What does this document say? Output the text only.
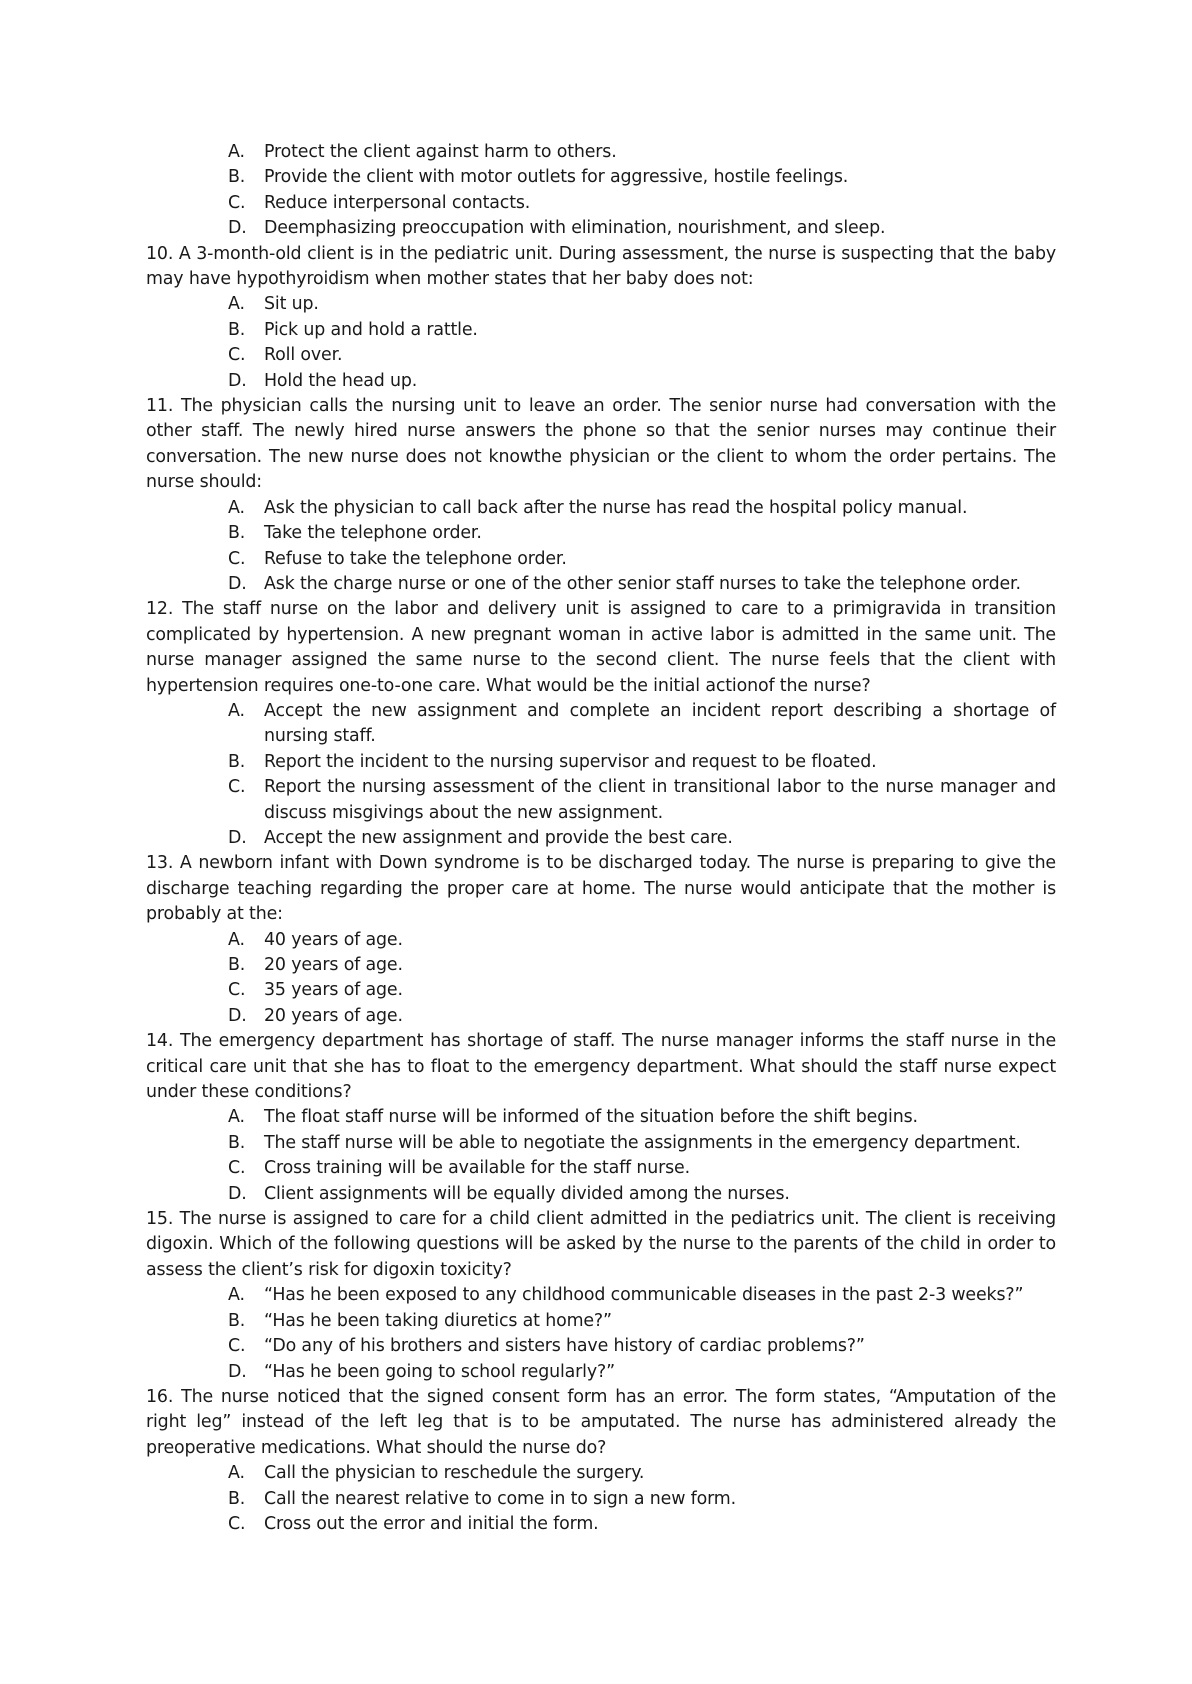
A.	Protect the client against harm to others.
B.	Provide the client with motor outlets for aggressive, hostile feelings.
C.	Reduce interpersonal contacts.
D. Deemphasizing preoccupation with elimination, nourishment, and sleep.
10. A 3-month-old client is in the pediatric unit. During assessment, the nurse is suspecting that the baby may have hypothyroidism when mother states that her baby does not:
A.	Sit up.
B.	Pick up and hold a rattle.
C.	Roll over.
D. Hold the head up.
11. The physician calls the nursing unit to leave an order. The senior nurse had conversation with the other staff. The newly hired nurse answers the phone so that the senior nurses may continue their conversation. The new nurse does not knowthe physician or the client to whom the order pertains. The nurse should:
A.	Ask the physician to call back after the nurse has read the hospital policy manual.
B.	Take the telephone order.
C.	Refuse to take the telephone order.
D. Ask the charge nurse or one of the other senior staff nurses to take the telephone order.
12. The staff nurse on the labor and delivery unit is assigned to care to a primigravida in transition complicated by hypertension. A new pregnant woman in active labor is admitted in the same unit. The nurse manager assigned the same nurse to the second client. The nurse feels that the client with hypertension requires one-to-one care. What would be the initial actionof the nurse?
A.	Accept the new assignment and complete an incident report describing a shortage of nursing staff.
B.	Report the incident to the nursing supervisor and request to be floated.
C.	Report the nursing assessment of the client in transitional labor to the nurse manager and discuss misgivings about the new assignment.
D. Accept the new assignment and provide the best care.
13. A newborn infant with Down syndrome is to be discharged today. The nurse is preparing to give the discharge teaching regarding the proper care at home. The nurse would anticipate that the mother is probably at the:
A.	40 years of age.
B.	20 years of age.
C.	35 years of age.
D. 20 years of age.
14. The emergency department has shortage of staff. The nurse manager informs the staff nurse in the critical care unit that she has to float to the emergency department. What should the staff nurse expect under these conditions?
A.	The float staff nurse will be informed of the situation before the shift begins.
B.	The staff nurse will be able to negotiate the assignments in the emergency department.
C.	Cross training will be available for the staff nurse.
D. Client assignments will be equally divided among the nurses.
15. The nurse is assigned to care for a child client admitted in the pediatrics unit. The client is receiving digoxin. Which of the following questions will be asked by the nurse to the parents of the child in order to assess the client’s risk for digoxin toxicity?
A.	“Has he been exposed to any childhood communicable diseases in the past 2-3 weeks?”
B.	“Has he been taking diuretics at home?”
C.	“Do any of his brothers and sisters have history of cardiac problems?”
D. “Has he been going to school regularly?”
16. The nurse noticed that the signed consent form has an error. The form states, “Amputation of the right leg” instead of the left leg that is to be amputated. The nurse has administered already the preoperative medications. What should the nurse do?
A.	Call the physician to reschedule the surgery.
B.	Call the nearest relative to come in to sign a new form.
C.	Cross out the error and initial the form.
